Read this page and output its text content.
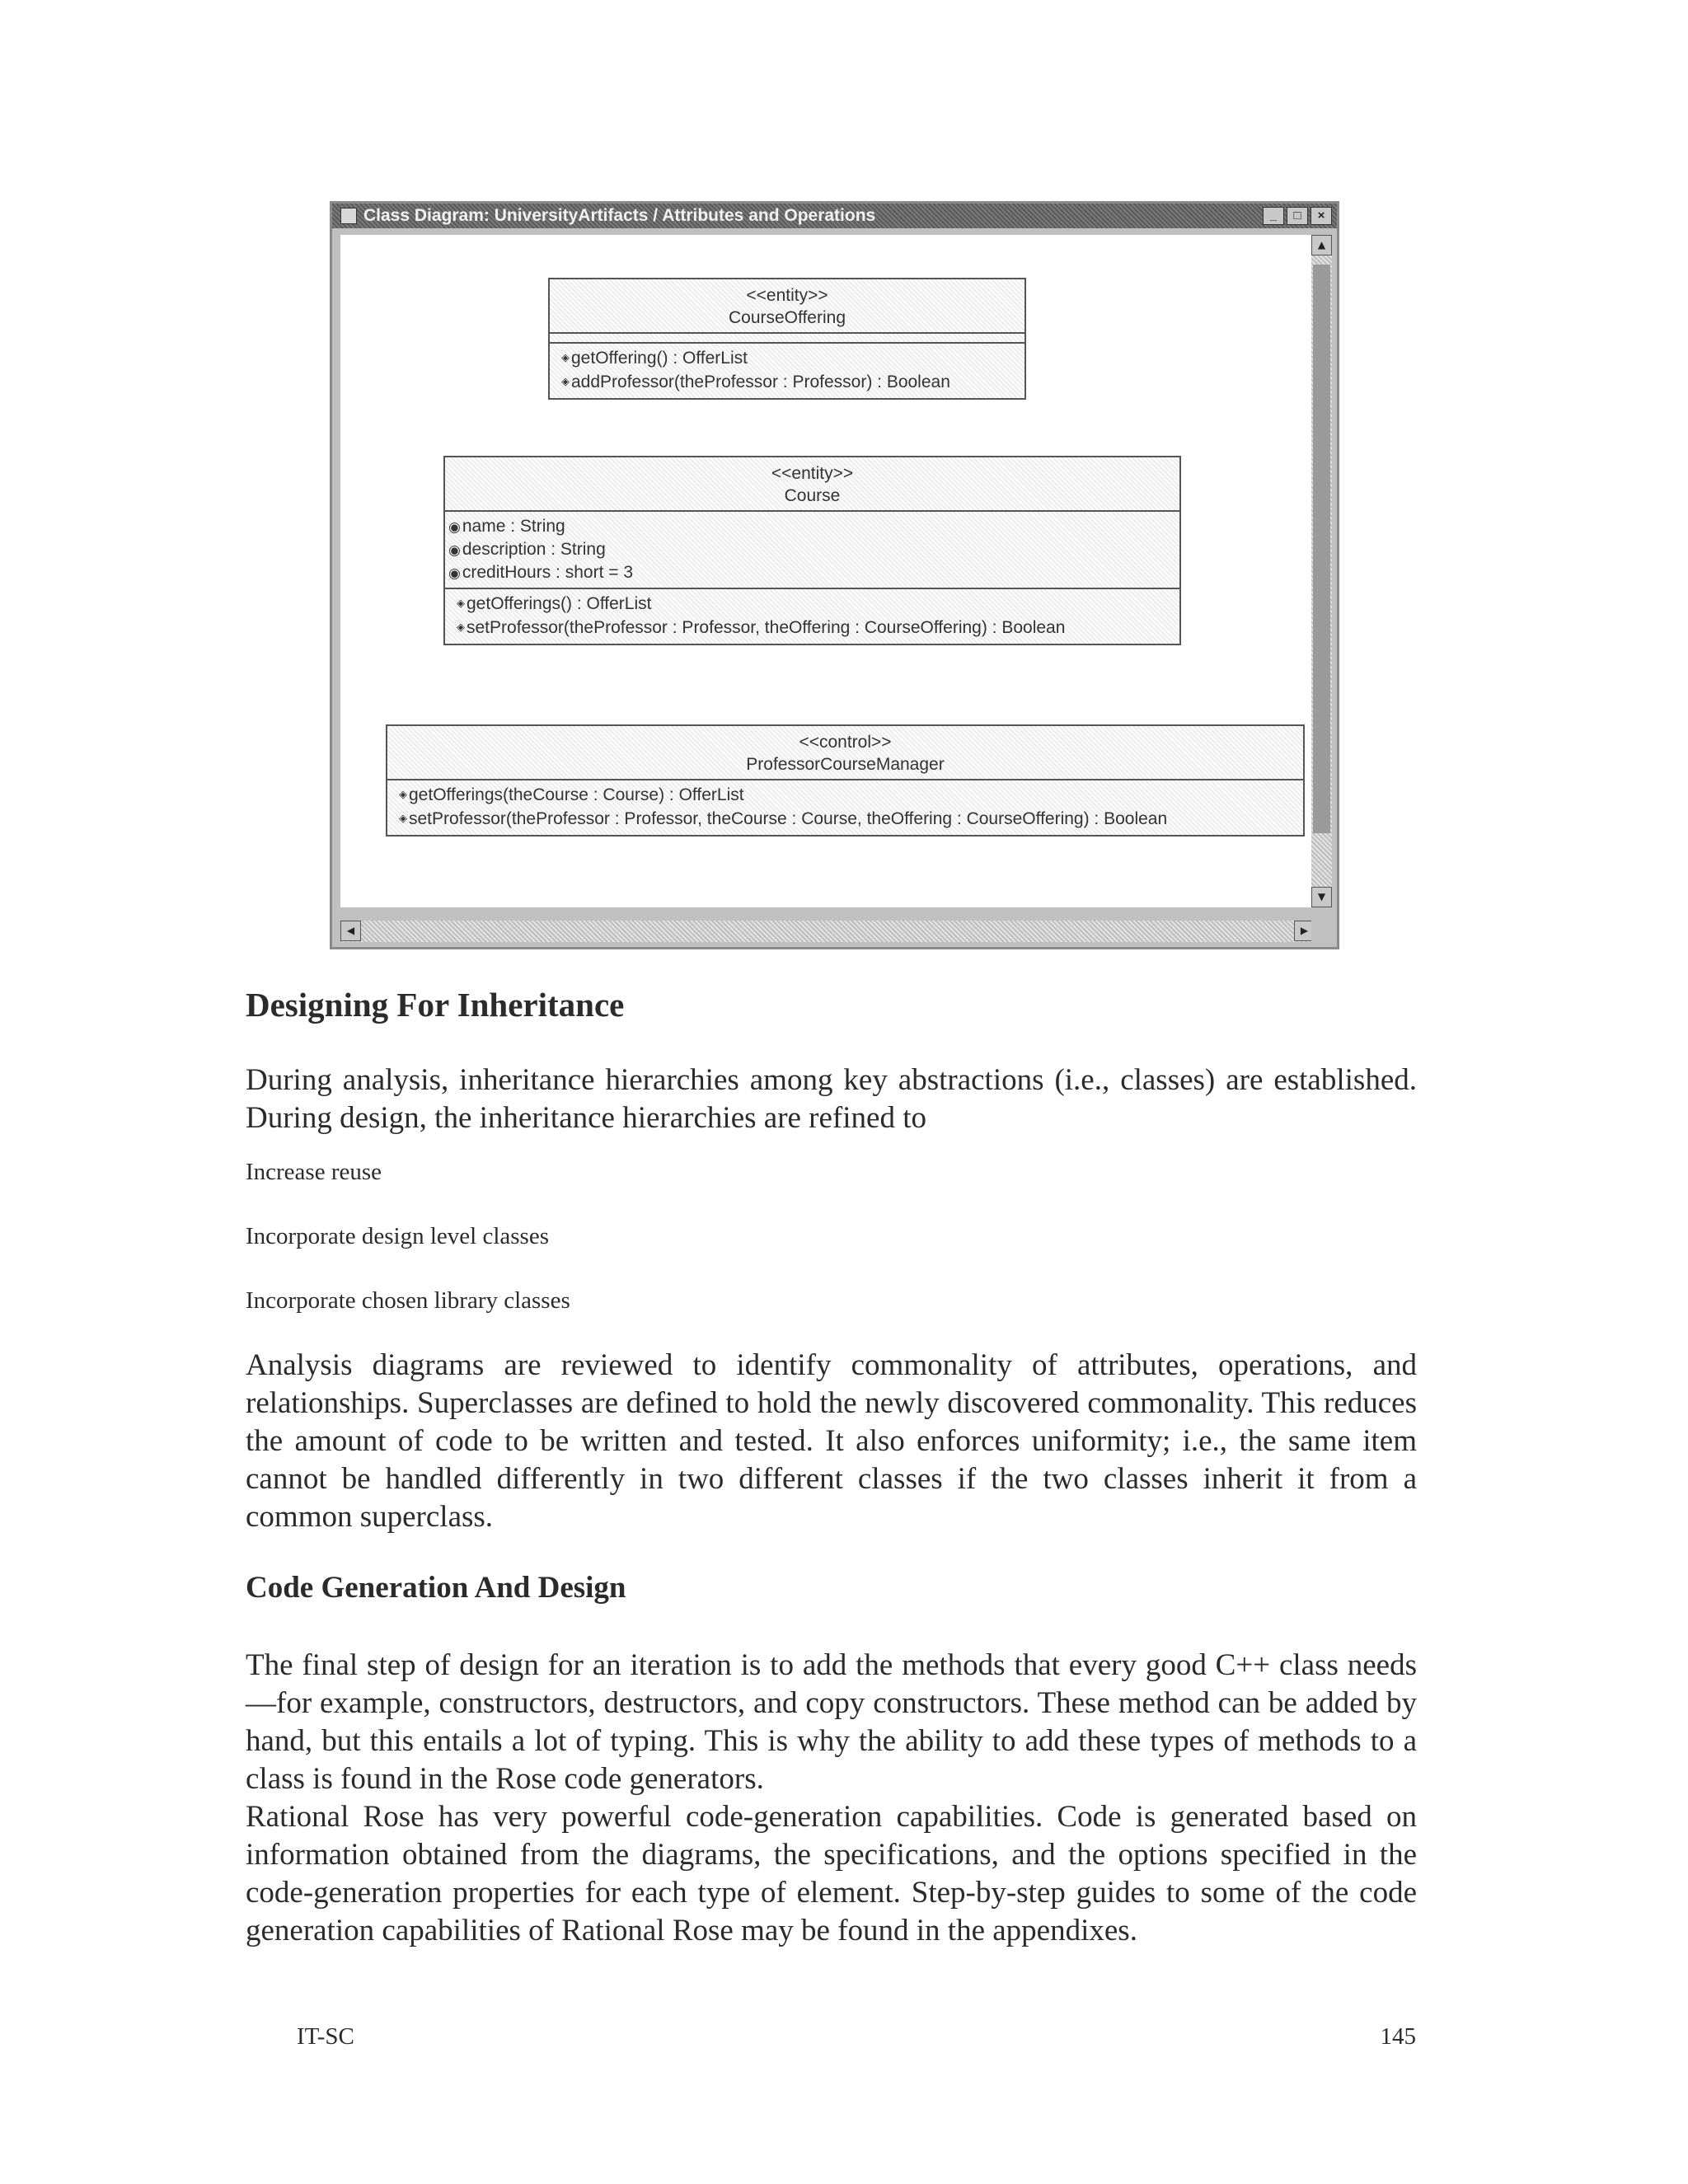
Class Diagram: UniversityArtifacts / Attributes and Operations	_	□	×
<<entity>>
CourseOffering
◈ getOffering() : OfferList
◈ addProfessor(theProfessor : Professor) : Boolean
<<entity>>
Course
◉ name : String
◉ description : String
◉ creditHours : short = 3
◈ getOfferings() : OfferList
◈ setProfessor(theProfessor : Professor, theOffering : CourseOffering) : Boolean
<<control>>
ProfessorCourseManager
◈ getOfferings(theCourse : Course) : OfferList
◈ setProfessor(theProfessor : Professor, theCourse : Course, theOffering : CourseOffering) : Boolean
▲
▼
◀	▶
Designing For Inheritance

During analysis, inheritance hierarchies among key abstractions (i.e., classes) are established. During design, the inheritance hierarchies are refined to

Increase reuse
Incorporate design level classes
Incorporate chosen library classes

Analysis diagrams are reviewed to identify commonality of attributes, operations, and relationships. Superclasses are defined to hold the newly discovered commonality. This reduces the amount of code to be written and tested. It also enforces uniformity; i.e., the same item cannot be handled differently in two different classes if the two classes inherit it from a common superclass.

Code Generation And Design

The final step of design for an iteration is to add the methods that every good C++ class needs—for example, constructors, destructors, and copy constructors. These method can be added by hand, but this entails a lot of typing. This is why the ability to add these types of methods to a class is found in the Rose code generators.

Rational Rose has very powerful code-generation capabilities. Code is generated based on information obtained from the diagrams, the specifications, and the options specified in the code-generation properties for each type of element. Step-by-step guides to some of the code generation capabilities of Rational Rose may be found in the appendixes.

IT-SC	145
